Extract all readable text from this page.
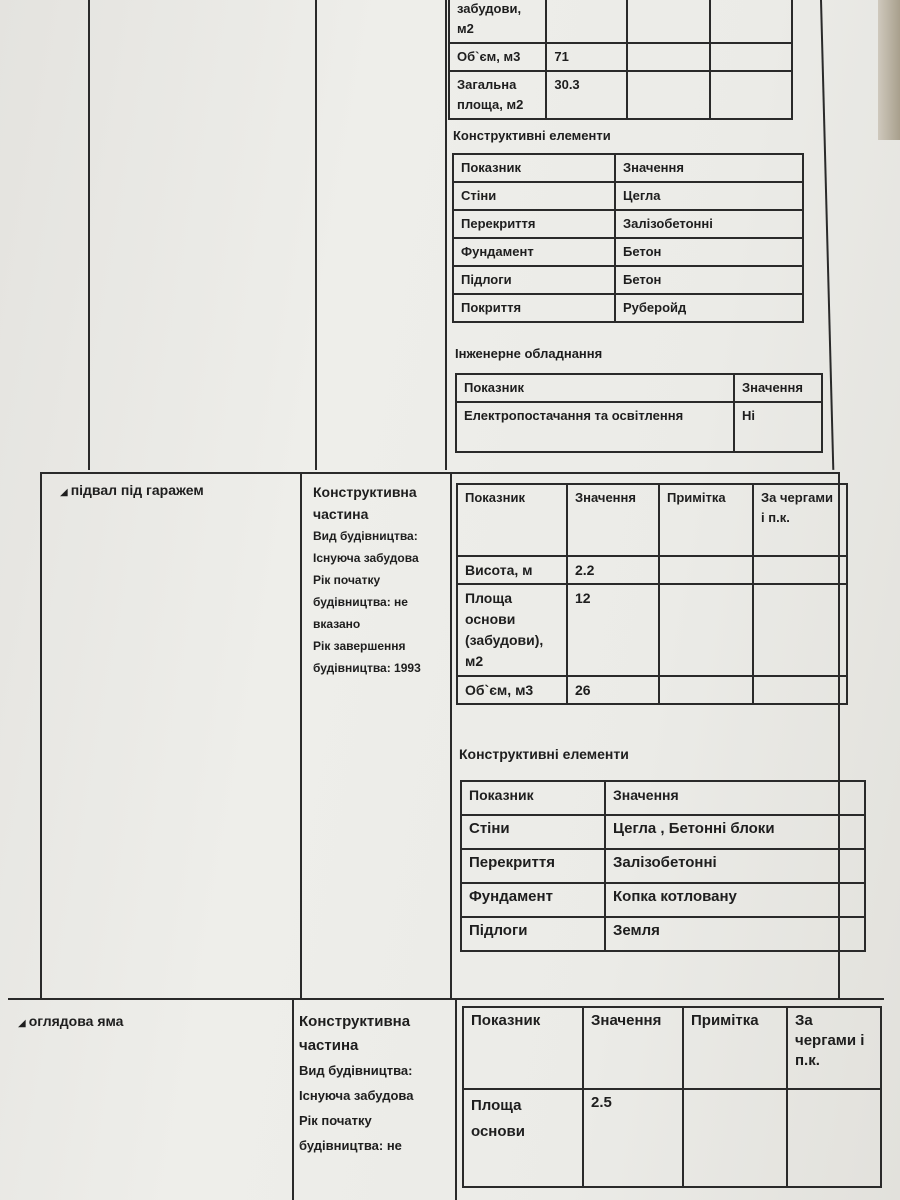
забудови,
м2			
Об`єм, м3	71		
Загальна площа, м2	30.3		
Конструктивні елементи
Показник	Значення
Стіни	Цегла
Перекриття	Залізобетонні
Фундамент	Бетон
Підлоги	Бетон
Покриття	Руберойд
Інженерне обладнання
Показник	Значення
Електропостачання та освітлення	Ні
◢ підвал під гаражем	Конструктивна частина
Вид будівництва:
Існуюча забудова
Рік початку
будівництва: не
вказано
Рік завершення
будівництва: 1993
Показник	Значення	Примітка	За чергами і п.к.
Висота, м	2.2		
Площа основи (забудови), м2	12		
Об`єм, м3	26		
Конструктивні елементи
Показник	Значення
Стіни	Цегла , Бетонні блоки
Перекриття	Залізобетонні
Фундамент	Копка котловану
Підлоги	Земля
◢ оглядова яма	Конструктивна частина
Вид будівництва:
Існуюча забудова
Рік початку
будівництва: не
Показник	Значення	Примітка	За чергами і п.к.
Площа основи	2.5		
